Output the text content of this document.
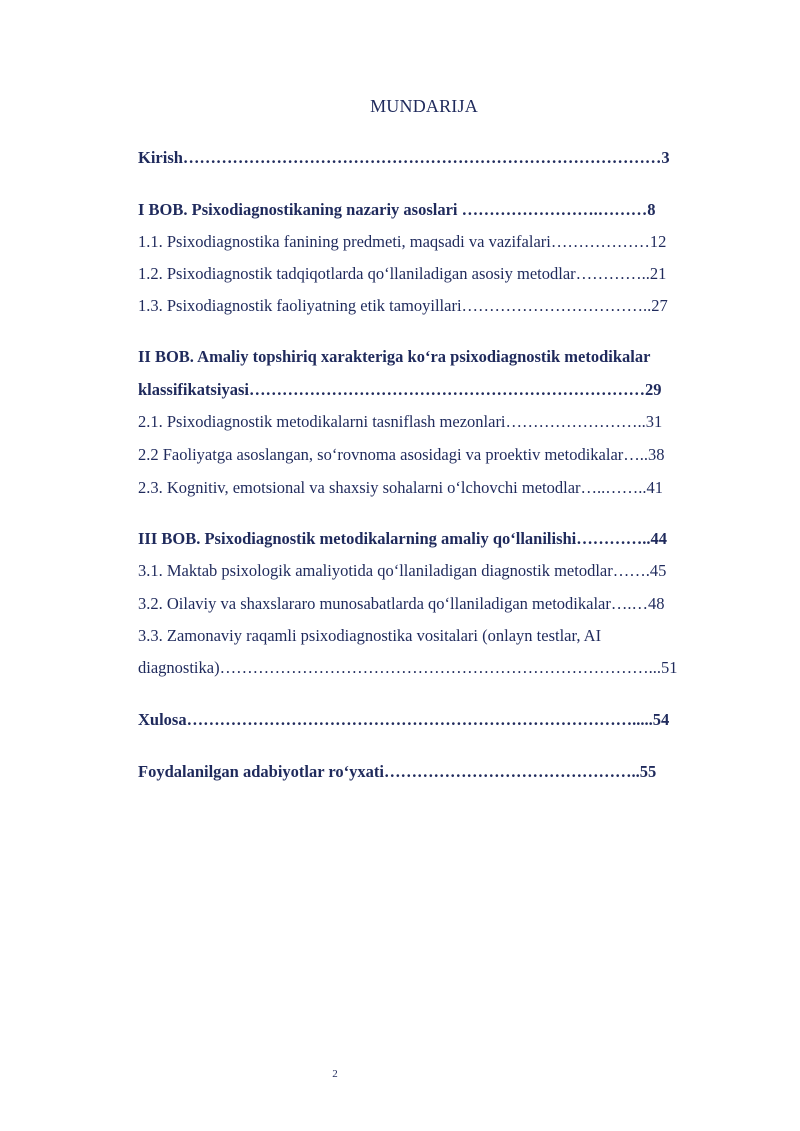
MUNDARIJA
Kirish……………………………………………………………………………3
I BOB. Psixodiagnostikaning nazariy asoslari …………………….………8
1.1. Psixodiagnostika fanining predmeti, maqsadi va vazifalari………………12
1.2. Psixodiagnostik tadqiqotlarda qo‘llaniladigan asosiy metodlar…………..21
1.3. Psixodiagnostik faoliyatning etik tamoyillari……………………………..27
II BOB. Amaliy topshiriq xarakteriga ko‘ra psixodiagnostik metodikalar
klassifikatsiyasi………………………………………………………………29
2.1. Psixodiagnostik metodikalarni tasniflash mezonlari……………………..31
2.2 Faoliyatga asoslangan, so‘rovnoma asosidagi va proektiv metodikalar…..38
2.3. Kognitiv, emotsional va shaxsiy sohalarni o‘lchovchi metodlar…..……..41
III BOB. Psixodiagnostik metodikalarning amaliy qo‘llanilishi…………..44
3.1. Maktab psixologik amaliyotida qo‘llaniladigan diagnostik metodlar…….45
3.2. Oilaviy va shaxslararo munosabatlarda qo‘llaniladigan metodikalar….…48
3.3. Zamonaviy raqamli psixodiagnostika vositalari (onlayn testlar, AI
diagnostika)……………………………………………………………………...51
Xulosa……………………………………………………………………….....54
Foydalanilgan adabiyotlar ro‘yxati………………………………………..55
2
